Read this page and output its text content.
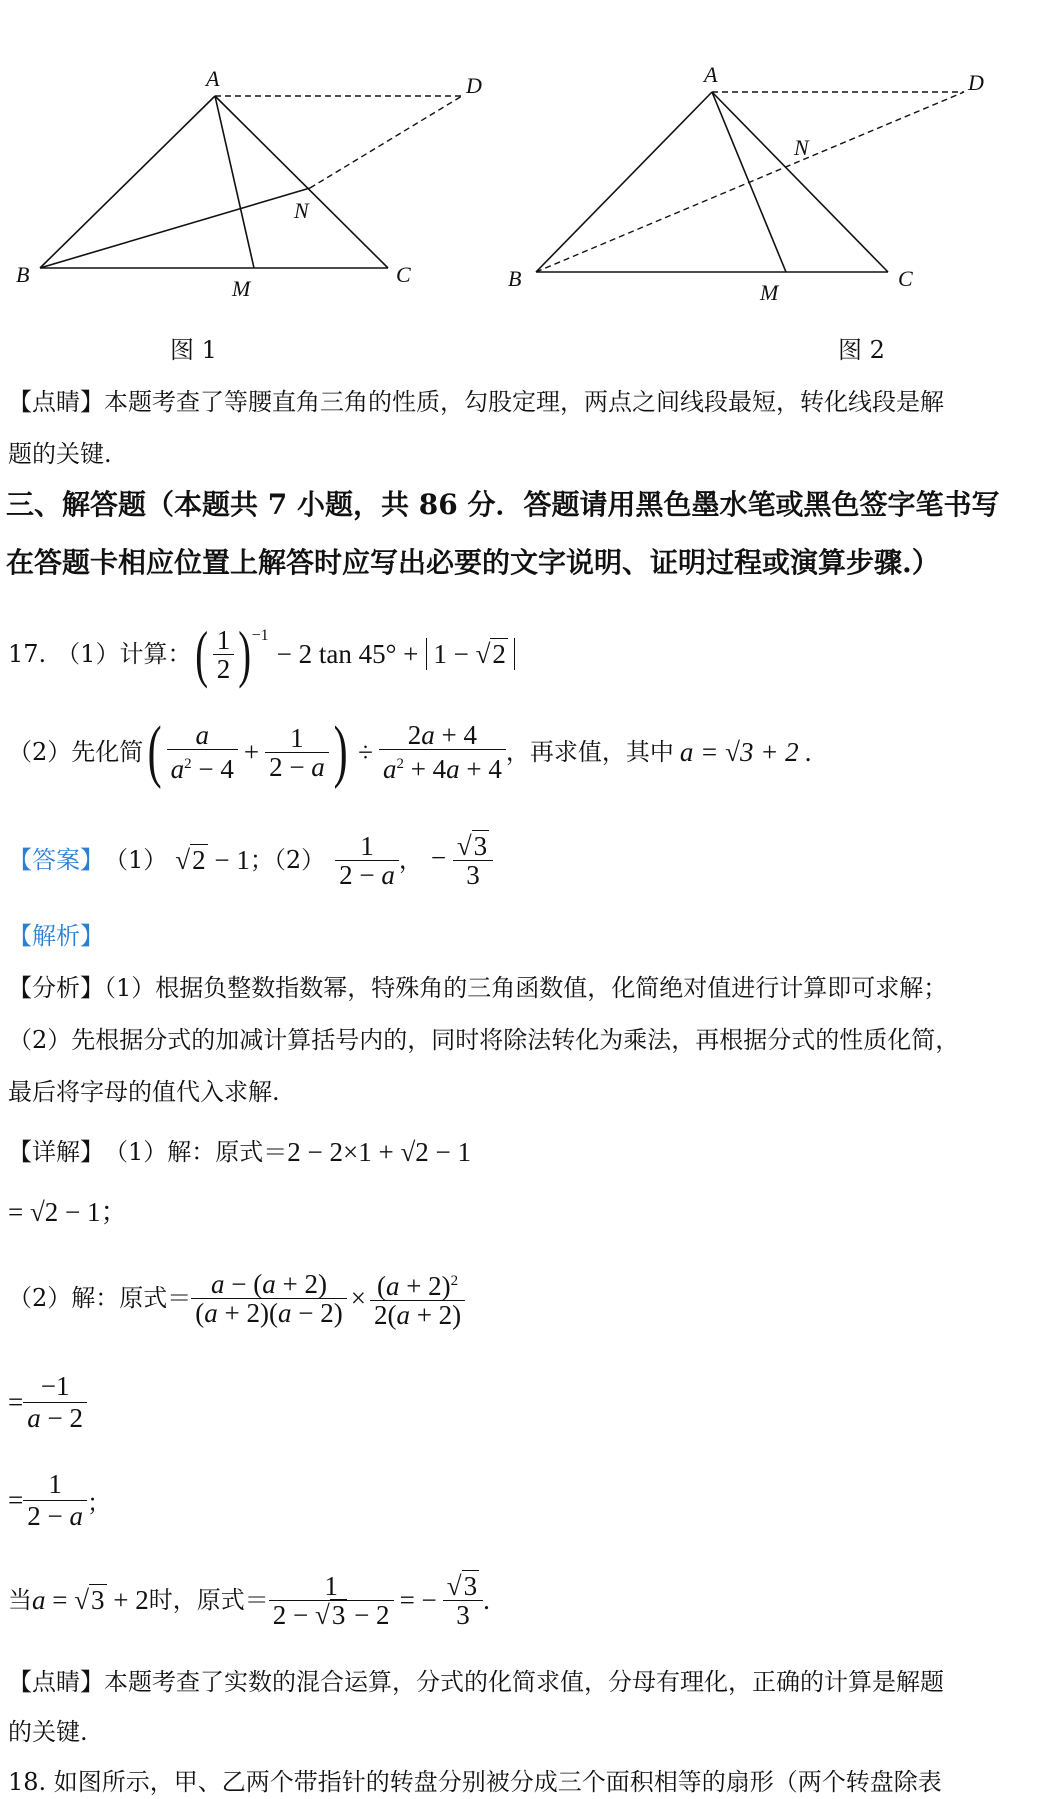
A	D
N
B
M
C
A	D
N
B
M
C
图 1	图 2
【点睛】本题考查了等腰直角三角的性质，勾股定理，两点之间线段最短，转化线段是解
题的关键.
三、解答题（本题共 7 小题，共 86 分．答题请用黑色墨水笔或黑色签字笔书写
在答题卡相应位置上解答时应写出必要的文字说明、证明过程或演算步骤.）
17. （1）计算： ( $\frac{1}{2} )^{-1}$
− 2 tan 45° + 1 − √2
（2）先化简 ( $\frac{a}{a^2 - 4} + \frac{1}{2 - a}$ ) ÷ $\frac{2a + 4}{a^2 + 4a + 4}$ ，再求值，其中 a = √3 + 2 .
【答案】 （1） √2 − 1 ；$(2) \frac{1}{2 - a}$ ， − $\frac{√3}{3}$
【解析】
【分析】（1）根据负整数指数幂，特殊角的三角函数值，化简绝对值进行计算即可求解；
（2）先根据分式的加减计算括号内的，同时将除法转化为乘法，再根据分式的性质化简，
最后将字母的值代入求解.
【详解】 （1）解：原式＝ 2 − 2×1 + √2 − 1
= √2 − 1；
（2）解：原式＝ $\frac{a - (a + 2)}{(a + 2)(a - 2)} \times \frac{(a + 2)^2}{2(a + 2)}$
= $\frac{-1}{a - 2}$
= $\frac{1}{2 - a}$ ；
当 a = √3 + 2 时，原式＝ $\frac{1}{2 - √3 - 2}$ = − $\frac{√3}{3}$ .
【点睛】本题考查了实数的混合运算，分式的化简求值，分母有理化，正确的计算是解题
的关键.
18. 如图所示，甲、乙两个带指针的转盘分别被分成三个面积相等的扇形（两个转盘除表
